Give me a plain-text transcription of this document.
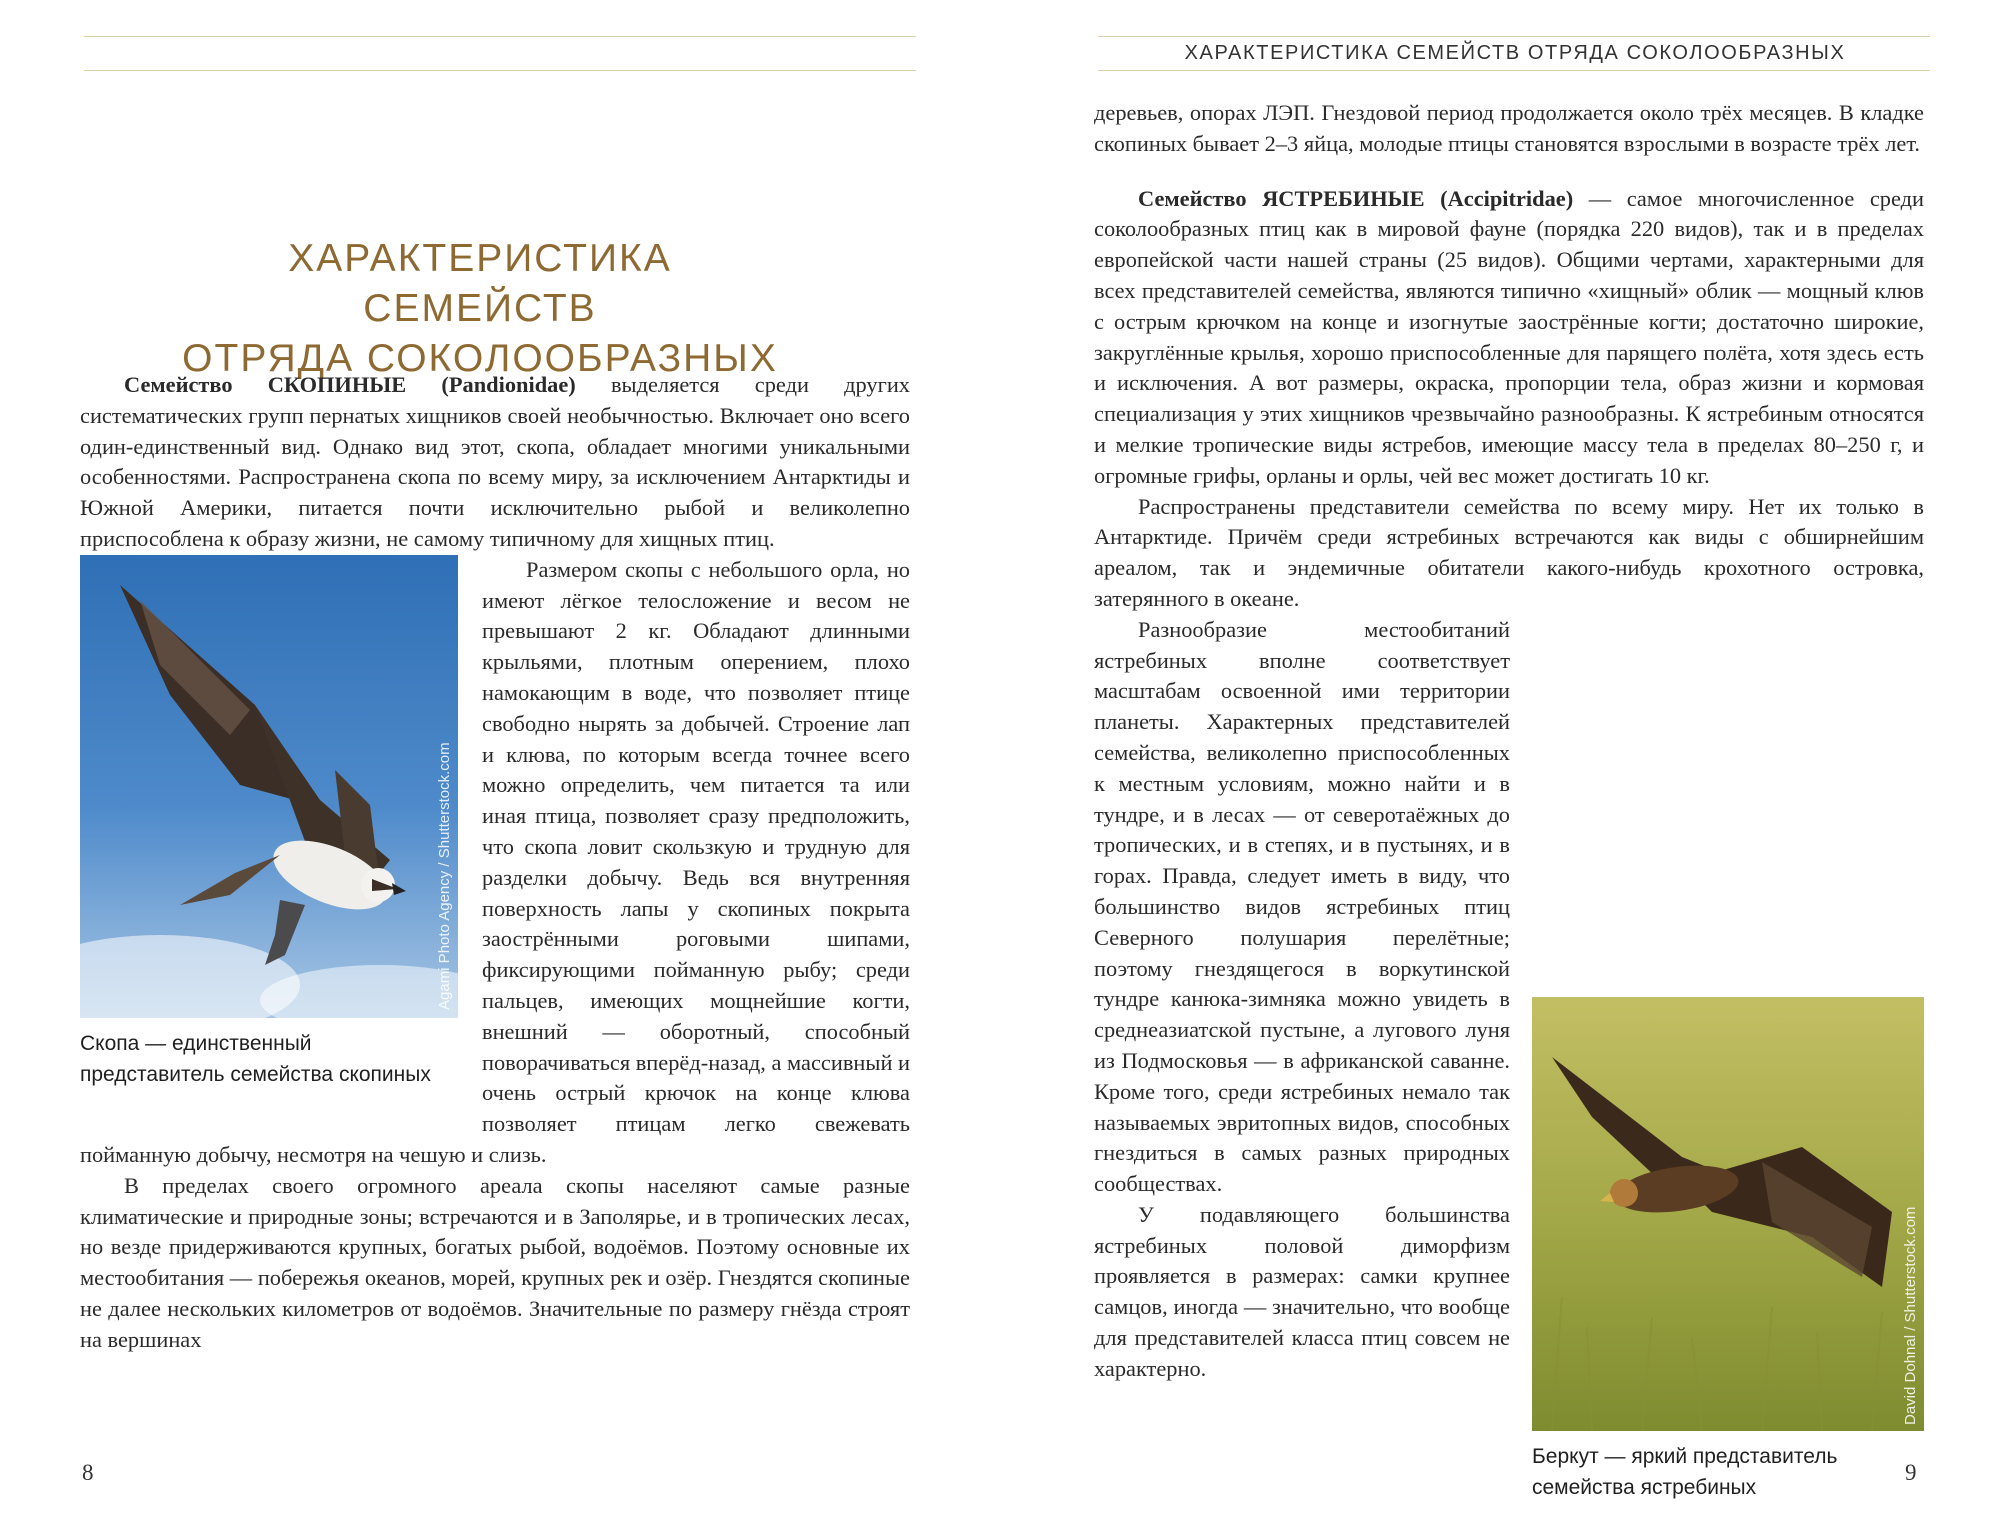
ХАРАКТЕРИСТИКА СЕМЕЙСТВ ОТРЯДА СОКОЛООБРАЗНЫХ
ХАРАКТЕРИСТИКА СЕМЕЙСТВ
ОТРЯДА СОКОЛООБРАЗНЫХ

Семейство СКОПИНЫЕ (Pandionidae) выделяется среди других систематических групп пернатых хищников своей необычностью. Включает оно всего один-единственный вид. Однако вид этот, скопа, обладает многими уникальными особенностями. Распространена скопа по всему миру, за исключением Антарктиды и Южной Америки, питается почти исключительно рыбой и великолепно приспособлена к образу жизни, не самому типичному для хищных птиц.

Agami Photo Agency / Shutterstock.com
Скопа — единственный представитель семейства скопиных

Размером скопы с небольшого орла, но имеют лёгкое телосложение и весом не превышают 2 кг. Обладают длинными крыльями, плотным оперением, плохо намокающим в воде, что позволяет птице свободно нырять за добычей. Строение лап и клюва, по которым всегда точнее всего можно определить, чем питается та или иная птица, позволяет сразу предположить, что скопа ловит скользкую и трудную для разделки добычу. Ведь вся внутренняя поверхность лапы у скопиных покрыта заострёнными роговыми шипами, фиксирующими пойманную рыбу; среди пальцев, имеющих мощнейшие когти, внешний — оборотный, способный поворачиваться вперёд-назад, а массивный и очень острый крючок на конце клюва позволяет птицам легко свежевать пойманную добычу, несмотря на чешую и слизь.

В пределах своего огромного ареала скопы населяют самые разные климатические и природные зоны; встречаются и в Заполярье, и в тропических лесах, но везде придерживаются крупных, богатых рыбой, водоёмов. Поэтому основные их местообитания — побережья океанов, морей, крупных рек и озёр. Гнездятся скопиные не далее нескольких километров от водоёмов. Значительные по размеру гнёзда строят на вершинах

деревьев, опорах ЛЭП. Гнездовой период продолжается около трёх месяцев. В кладке скопиных бывает 2–3 яйца, молодые птицы становятся взрослыми в возрасте трёх лет.

Семейство ЯСТРЕБИНЫЕ (Accipitridae) — самое многочисленное среди соколообразных птиц как в мировой фауне (порядка 220 видов), так и в пределах европейской части нашей страны (25 видов). Общими чертами, характерными для всех представителей семейства, являются типично «хищный» облик — мощный клюв с острым крючком на конце и изогнутые заострённые когти; достаточно широкие, закруглённые крылья, хорошо приспособленные для парящего полёта, хотя здесь есть и исключения. А вот размеры, окраска, пропорции тела, образ жизни и кормовая специализация у этих хищников чрезвычайно разнообразны. К ястребиным относятся и мелкие тропические виды ястребов, имеющие массу тела в пределах 80–250 г, и огромные грифы, орланы и орлы, чей вес может достигать 10 кг.

Распространены представители семейства по всему миру. Нет их только в Антарктиде. Причём среди ястребиных встречаются как виды с обширнейшим ареалом, так и эндемичные обитатели какого-нибудь крохотного островка, затерянного в океане.

David Dohnal / Shutterstock.com
Беркут — яркий представитель семейства ястребиных

Разнообразие местообитаний ястребиных вполне соответствует масштабам освоенной ими территории планеты. Характерных представителей семейства, великолепно приспособленных к местным условиям, можно найти и в тундре, и в лесах — от северотаёжных до тропических, и в степях, и в пустынях, и в горах. Правда, следует иметь в виду, что большинство видов ястребиных птиц Северного полушария перелётные; поэтому гнездящегося в воркутинской тундре канюка-зимняка можно увидеть в среднеазиатской пустыне, а лугового луня из Подмосковья — в африканской саванне. Кроме того, среди ястребиных немало так называемых эвритопных видов, способных гнездиться в самых разных природных сообществах.

У подавляющего большинства ястребиных половой диморфизм проявляется в размерах: самки крупнее самцов, иногда — значительно, что вообще для представителей класса птиц совсем не характерно.

8	9
